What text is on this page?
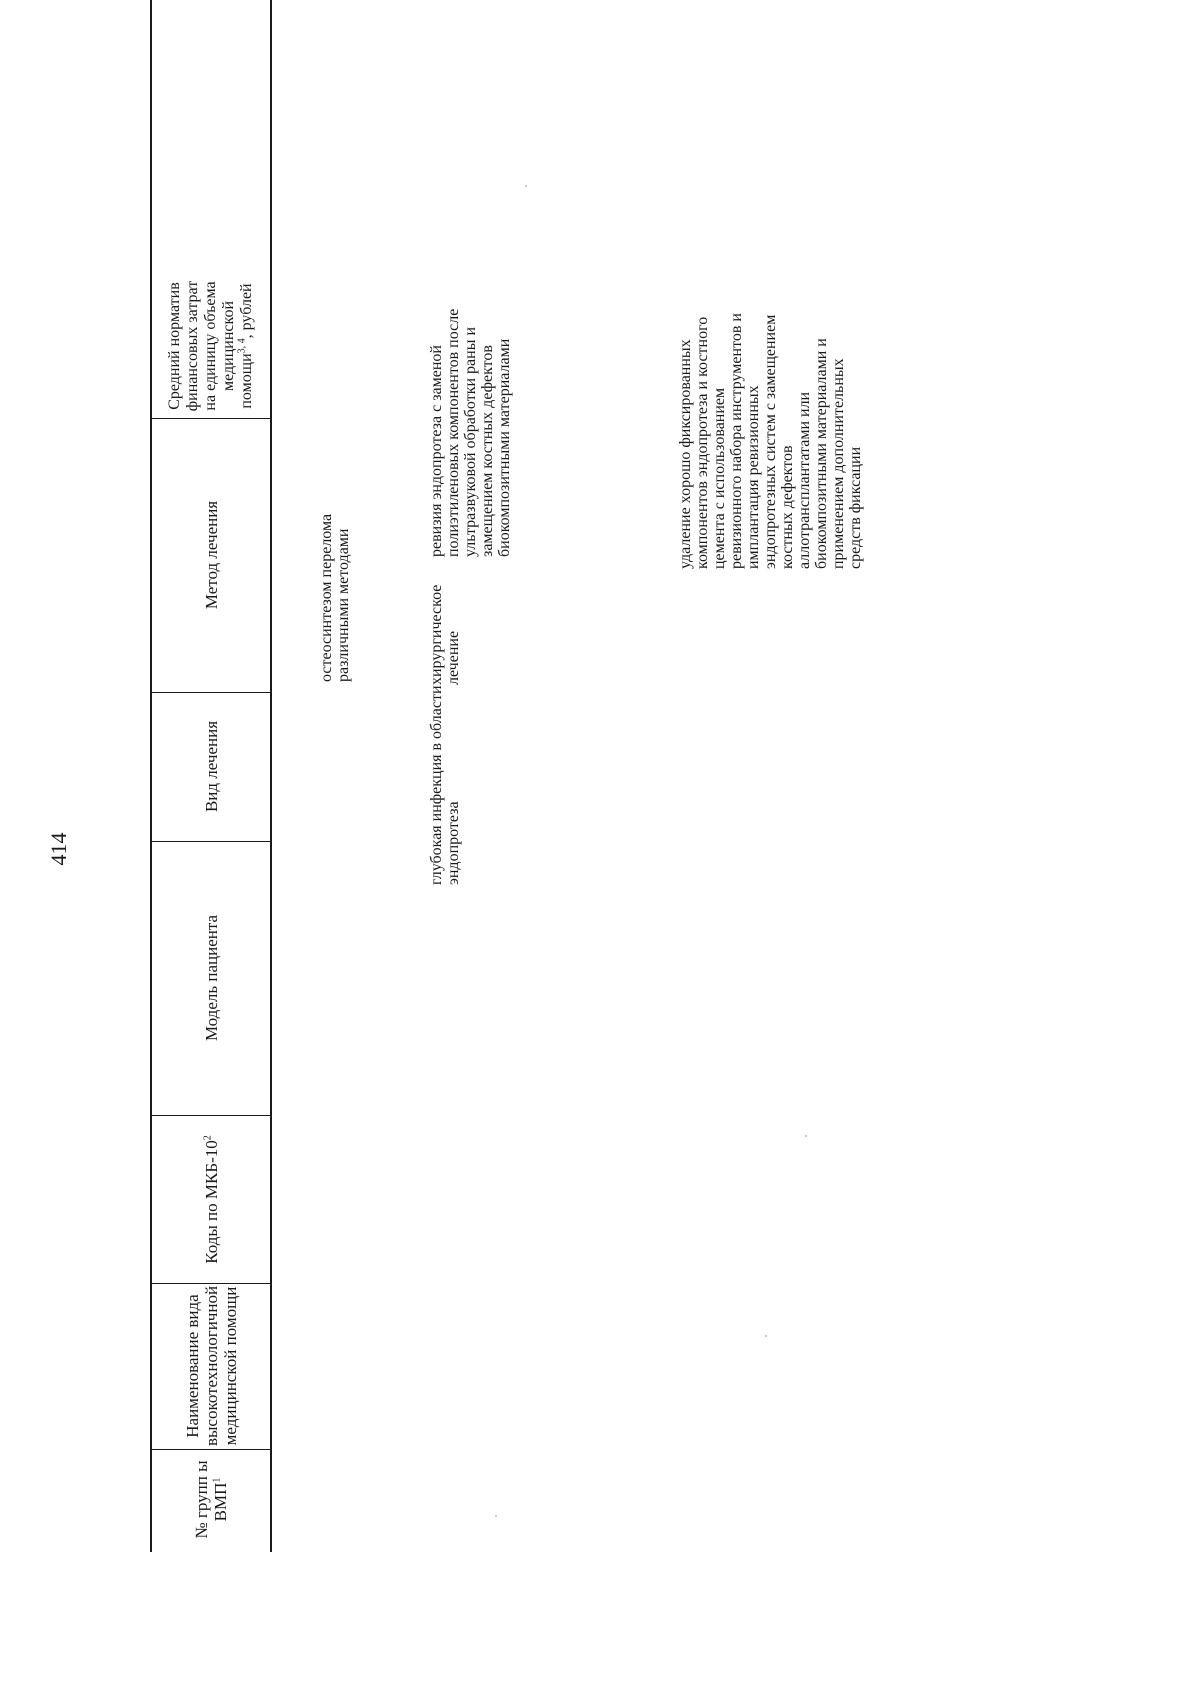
414
№ групп ы ВМП$^1$
Наименование вида высокотехнологичной медицинской помощи
Коды по МКБ-$10^2$
Модель пациента
Вид лечения
Метод лечения
Средний норматив финансовых затрат на единицу объема медицинской помощи$^{3, 4}$, рублей
остеосинтезом перелома различными методами
глубокая инфекция в области эндопротеза
хирургическое лечение
ревизия эндопротеза с заменой полиэтиленовых компонентов после ультразвуковой обработки раны и замещением костных дефектов биокомпозитными материалами	удаление хорошо фиксированных компонентов эндопротеза и костного цемента с использованием ревизионного набора инструментов и имплантация ревизионных эндопротезных систем с замещением костных дефектов аллотрансплантатами или биокомпозитными материалами и применением дополнительных средств фиксации
